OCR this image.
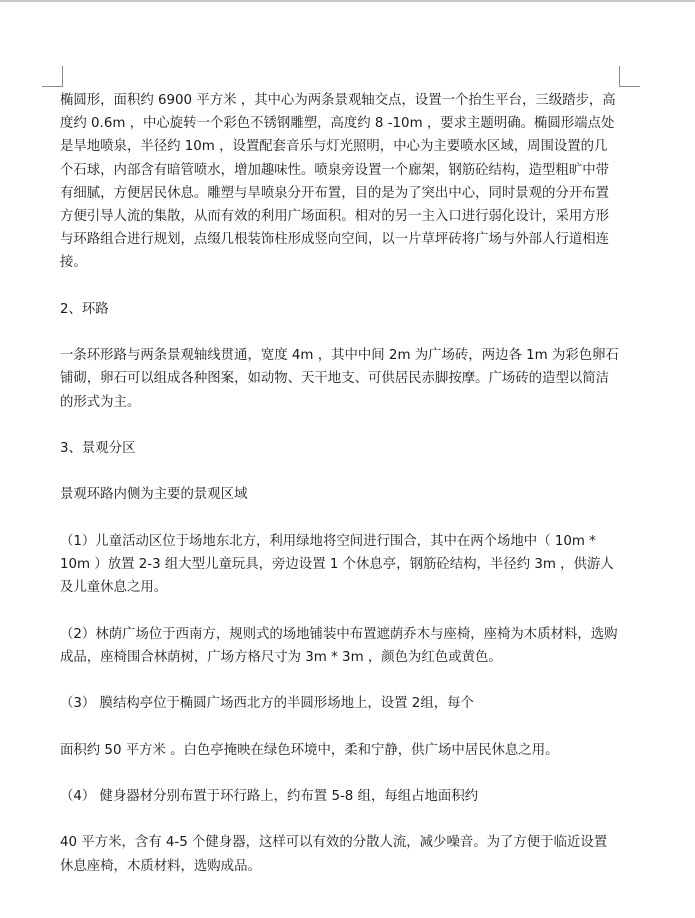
椭圆形，面积约 6900 平方米 ，其中心为两条景观轴交点，设置一个抬生平台，三级踏步，高度约 0.6m ，中心旋转一个彩色不锈钢雕塑，高度约 8 -10m ，要求主题明确。椭圆形端点处是旱地喷泉，半径约 10m ，设置配套音乐与灯光照明，中心为主要喷水区域，周围设置的几个石球，内部含有暗管喷水，增加趣味性。喷泉旁设置一个廊架，钢筋砼结构，造型粗旷中带有细腻，方便居民休息。雕塑与旱喷泉分开布置，目的是为了突出中心，同时景观的分开布置方便引导人流的集散，从而有效的利用广场面积。相对的另一主入口进行弱化设计，采用方形与环路组合进行规划，点缀几根装饰柱形成竖向空间，以一片草坪砖将广场与外部人行道相连接。

2、环路

一条环形路与两条景观轴线贯通，宽度 4m ，其中中间 2m 为广场砖，两边各 1m 为彩色卵石铺砌，卵石可以组成各种图案，如动物、天干地支、可供居民赤脚按摩。广场砖的造型以简洁的形式为主。

3、景观分区

景观环路内侧为主要的景观区域

（1）儿童活动区位于场地东北方，利用绿地将空间进行围合，其中在两个场地中（ 10m * 10m ）放置 2-3 组大型儿童玩具，旁边设置 1 个休息亭，钢筋砼结构，半径约 3m ，供游人及儿童休息之用。

（2）林荫广场位于西南方，规则式的场地铺装中布置遮荫乔木与座椅，座椅为木质材料，选购成品，座椅围合林荫树，广场方格尺寸为 3m * 3m ，颜色为红色或黄色。

（3） 膜结构亭位于椭圆广场西北方的半圆形场地上，设置 2组，每个

面积约 50 平方米 。白色亭掩映在绿色环境中，柔和宁静，供广场中居民休息之用。

（4） 健身器材分别布置于环行路上，约布置 5-8 组，每组占地面积约

40 平方米，含有 4-5 个健身器，这样可以有效的分散人流，减少噪音。为了方便于临近设置休息座椅，木质材料，选购成品。
